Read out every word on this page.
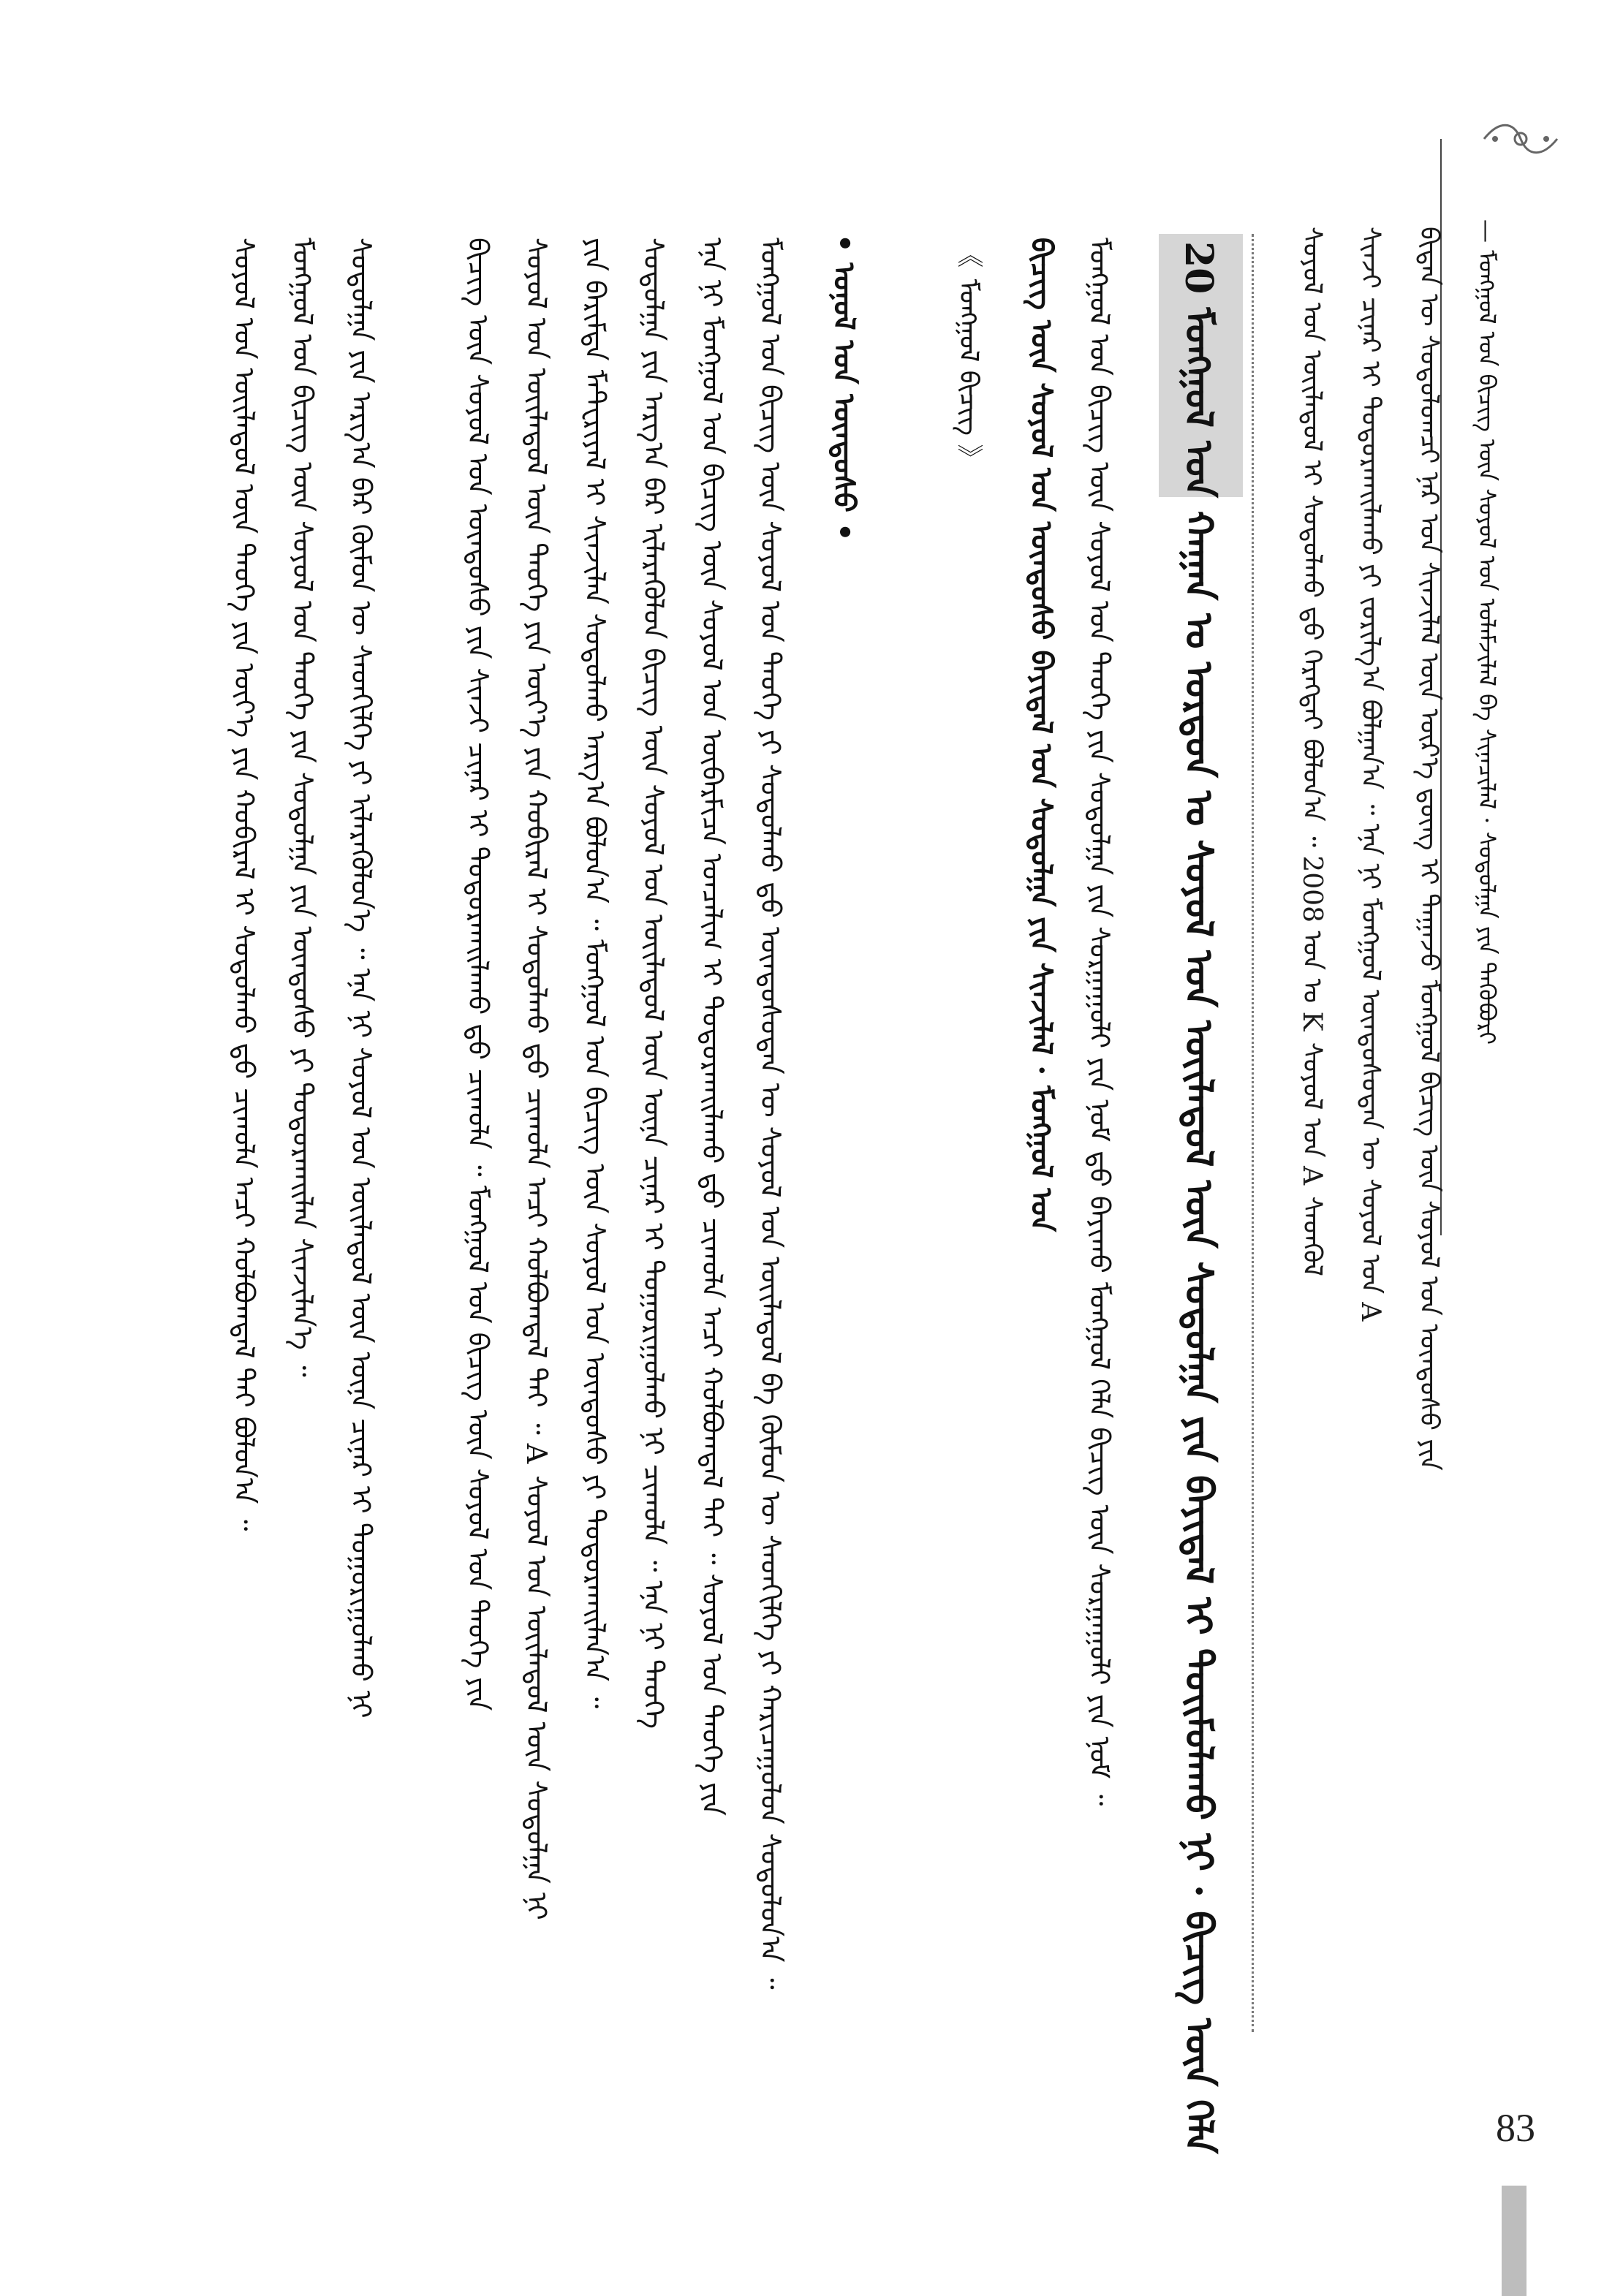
83
— ᠮᠣᠩᠭᠣᠯ ᠤᠨ ᠪᠢᠴᠢᠭ ᠦᠨ ᠰᠣᠶᠣᠯ ᠤᠨ ᠤᠯᠠᠮᠵᠢᠯᠠᠯ ᠪᠠ ᠰᠢᠨᠡᠴᠢᠯᠡᠯ · ᠰᠤᠳᠤᠯᠭᠠ ᠶᠢᠨ ᠲᠡᠭᠦᠪᠦᠷᠢ
ᠪᠢᠳᠡᠨ ᠦ ᠰᠤᠳᠤᠯᠤᠭᠴᠢ ᠨᠠᠷ ᠤᠨ ᠰᠢᠨᠵᠢᠯᠡᠯ ᠦᠨ ᠦᠷ᠎ᠡ ᠳ᠋ᠦᠩ ᠢ ᠳᠠᠭᠠᠵᠤ ᠮᠣᠩᠭᠣᠯ ᠪᠢᠴᠢᠭ ᠦᠨ ᠰᠣᠶᠣᠯ ᠤᠨ ᠦᠨᠳᠦᠰᠦ ᠶᠢᠨ
ᠰᠢᠨᠵᠢ ᠴᠢᠨᠠᠷ ᠢ ᠲᠣᠳᠣᠷᠬᠠᠢᠯᠠᠬᠤ ᠶᠢ ᠵᠣᠷᠢᠯᠭ᠎ᠠ ᠪᠣᠯᠭᠠᠨ᠎ᠠ ᠃ ᠡᠨᠡ ᠨᠢ ᠮᠣᠩᠭᠣᠯ ᠦᠨᠳᠦᠰᠦᠲᠡᠨ ᠦ ᠰᠣᠶᠣᠯ ᠤᠨ A
ᠰᠣᠶᠣᠯ ᠤᠨ ᠦᠢᠯᠡᠳᠦᠯ ᠢ ᠰᠤᠳᠤᠯᠬᠤ ᠳ᠋ᠤ ᠬᠡᠷᠡᠭᠲᠡᠢ ᠪᠣᠯᠤᠨ᠎ᠠ ᠃ 2008 ᠣᠨ ᠤ K ᠰᠣᠶᠣᠯ ᠤᠨ A ᠰᠡᠳᠬᠦᠯ
20 ᠮᠣᠩᠭᠣᠯ ᠤᠨ ᠬᠠᠭᠠᠨ ᠤ ᠣᠷᠳᠣᠨ ᠤ ᠰᠣᠶᠣᠯ ᠤᠨ ᠦᠢᠯᠡᠳᠦᠯ ᠦᠨ ᠰᠤᠳᠤᠯᠭᠠ ᠶᠢᠨ ᠪᠠᠶᠢᠳᠠᠯ ᠢ ᠲᠣᠢᠮᠤᠯᠠᠬᠤ ᠨᠢ · ᠪᠢᠴᠢᠭ ᠦᠨ ᠬᠡᠯᠡ
ᠮᠣᠩᠭᠣᠯ ᠤᠨ ᠪᠢᠴᠢᠭ ᠦᠨ ᠰᠣᠶᠣᠯ ᠤᠨ ᠲᠡᠦᠬᠡ ᠶᠢᠨ ᠰᠤᠳᠤᠯᠭᠠ ᠶᠢᠨ ᠰᠤᠷᠭᠠᠭᠤᠯᠢ ᠶᠢᠨ ᠨᠣᠮ ᠳ᠋ᠤ ᠪᠠᠶᠢᠬᠤ ᠮᠣᠩᠭᠣᠯ ᠬᠡᠯᠡ ᠪᠢᠴᠢᠭ ᠦᠨ ᠰᠤᠷᠭᠠᠭᠤᠯᠢ ᠶᠢᠨ ᠨᠣᠮ ᠃
ᠪᠢᠴᠢᠭ ᠦᠨ ᠰᠣᠶᠣᠯ ᠤᠨ ᠦᠨᠳᠦᠰᠦ ᠪᠠᠶᠢᠳᠠᠯ ᠤᠨ ᠰᠤᠳᠤᠯᠭᠠ ᠶᠢᠨ ᠰᠢᠨᠵᠢᠯᠡᠯ · ᠮᠣᠩᠭᠣᠯ ᠤᠨ
《 ᠮᠣᠩᠭᠣᠯ ᠪᠢᠴᠢᠭ 》
• ᠣᠨᠣᠯ ᠤᠨ ᠦᠨᠳᠦᠰᠦ •
ᠮᠣᠩᠭᠣᠯ ᠤᠨ ᠪᠢᠴᠢᠭ ᠦᠨ ᠰᠣᠶᠣᠯ ᠤᠨ ᠲᠡᠦᠬᠡ ᠶᠢ ᠰᠤᠳᠤᠯᠬᠤ ᠳ᠋ᠤ ᠦᠨᠳᠦᠰᠦᠲᠡᠨ ᠦ ᠰᠣᠶᠣᠯ ᠤᠨ ᠦᠢᠯᠡᠳᠦᠯ ᠪᠠ ᠬᠦᠮᠦᠨ ᠦ ᠰᠡᠳᠬᠢᠯᠭᠡ ᠶᠢ ᠬᠠᠷᠢᠴᠠᠭᠤᠯᠤᠨ ᠰᠤᠳᠤᠯᠤᠨ᠎ᠠ ᠃
ᠡᠨᠡ ᠨᠢ ᠮᠣᠩᠭᠣᠯ ᠤᠨ ᠪᠢᠴᠢᠭ ᠦᠨ ᠰᠣᠶᠣᠯ ᠤᠨ ᠦᠪᠡᠷᠮᠢᠴᠡ ᠣᠨᠴᠠᠯᠢᠭ ᠢ ᠲᠣᠳᠣᠷᠬᠠᠢᠯᠠᠬᠤ ᠳ᠋ᠤ ᠴᠢᠬᠤᠯᠠ ᠠᠴᠢ ᠬᠣᠯᠪᠣᠭᠳᠠᠯ ᠲᠠᠢ ᠃ ᠰᠣᠶᠣᠯ ᠤᠨ ᠲᠡᠦᠬᠡ ᠶᠢᠨ
ᠰᠤᠳᠤᠯᠭᠠ ᠶᠢᠨ ᠠᠷᠭ᠎ᠠ ᠪᠠᠷ ᠢᠯᠡᠷᠡᠭᠦᠯᠦᠨ ᠪᠢᠴᠢᠭ ᠦᠨ ᠰᠣᠶᠣᠯ ᠤᠨ ᠦᠢᠯᠡᠳᠦᠯ ᠦᠨ ᠦᠨᠡ ᠴᠢᠨᠠᠷ ᠢ ᠲᠣᠭᠣᠷᠢᠭᠤᠯᠬᠤ ᠨᠢ ᠴᠢᠬᠤᠯᠠ ᠃ ᠡᠨᠡ ᠨᠢ ᠲᠡᠦᠬᠡ
ᠶᠢᠨ ᠪᠠᠷᠢᠮᠲᠠ ᠮᠠᠲ᠋ᠧᠷᠢᠶᠠᠯ ᠢ ᠰᠢᠨᠵᠢᠯᠡᠨ ᠰᠤᠳᠤᠯᠬᠤ ᠠᠷᠭ᠎ᠠ ᠪᠣᠯᠤᠨ᠎ᠠ ᠃ ᠮᠣᠩᠭᠣᠯ ᠤᠨ ᠪᠢᠴᠢᠭ ᠦᠨ ᠰᠣᠶᠣᠯ ᠤᠨ ᠦᠨᠳᠦᠰᠦ ᠶᠢ ᠲᠣᠳᠣᠷᠬᠠᠢᠯᠠᠨ᠎ᠠ ᠃
ᠰᠣᠶᠣᠯ ᠤᠨ ᠦᠢᠯᠡᠳᠦᠯ ᠦᠨ ᠲᠡᠦᠬᠡ ᠶᠢᠨ ᠦᠶ᠎ᠡ ᠶᠢᠨ ᠬᠤᠪᠢᠷᠠᠯ ᠢ ᠰᠤᠳᠤᠯᠬᠤ ᠳ᠋ᠤ ᠴᠢᠬᠤᠯᠠ ᠠᠴᠢ ᠬᠣᠯᠪᠣᠭᠳᠠᠯ ᠲᠠᠢ ᠃ A ᠰᠣᠶᠣᠯ ᠤᠨ ᠦᠢᠯᠡᠳᠦᠯ ᠦᠨ ᠰᠤᠳᠤᠯᠭᠠ ᠨᠢ
ᠪᠢᠴᠢᠭ ᠦᠨ ᠰᠣᠶᠣᠯ ᠤᠨ ᠦᠨᠳᠦᠰᠦ ᠶᠢᠨ ᠰᠢᠨᠵᠢ ᠴᠢᠨᠠᠷ ᠢ ᠲᠣᠳᠣᠷᠬᠠᠢᠯᠠᠬᠤ ᠳ᠋ᠤ ᠴᠢᠬᠤᠯᠠ ᠃ ᠮᠣᠩᠭᠣᠯ ᠤᠨ ᠪᠢᠴᠢᠭ ᠦᠨ ᠰᠣᠶᠣᠯ ᠤᠨ ᠲᠡᠦᠬᠡ ᠶᠢᠨ
ᠰᠤᠳᠤᠯᠭᠠ ᠶᠢᠨ ᠠᠷᠭ᠎ᠠ ᠪᠠᠷ ᠬᠦᠮᠦᠨ ᠦ ᠰᠡᠳᠬᠢᠯᠭᠡ ᠶᠢ ᠢᠯᠡᠷᠡᠭᠦᠯᠦᠨ᠎ᠡ ᠃ ᠡᠨᠡ ᠨᠢ ᠰᠣᠶᠣᠯ ᠤᠨ ᠦᠢᠯᠡᠳᠦᠯ ᠦᠨ ᠦᠨᠡ ᠴᠢᠨᠠᠷ ᠢ ᠲᠣᠭᠣᠷᠢᠭᠤᠯᠬᠤ ᠨᠢ
ᠮᠣᠩᠭᠣᠯ ᠤᠨ ᠪᠢᠴᠢᠭ ᠦᠨ ᠰᠣᠶᠣᠯ ᠤᠨ ᠲᠡᠦᠬᠡ ᠶᠢᠨ ᠰᠤᠳᠤᠯᠭᠠ ᠶᠢᠨ ᠦᠨᠳᠦᠰᠦ ᠶᠢ ᠲᠣᠳᠣᠷᠬᠠᠢᠯᠠᠨ ᠰᠢᠨᠵᠢᠯᠡᠨ᠎ᠡ ᠃
ᠰᠣᠶᠣᠯ ᠤᠨ ᠦᠢᠯᠡᠳᠦᠯ ᠦᠨ ᠲᠡᠦᠬᠡ ᠶᠢᠨ ᠦᠶ᠎ᠡ ᠶᠢᠨ ᠬᠤᠪᠢᠷᠠᠯ ᠢ ᠰᠤᠳᠤᠯᠬᠤ ᠳ᠋ᠤ ᠴᠢᠬᠤᠯᠠ ᠠᠴᠢ ᠬᠣᠯᠪᠣᠭᠳᠠᠯ ᠲᠠᠢ ᠪᠣᠯᠤᠨ᠎ᠠ ᠃
